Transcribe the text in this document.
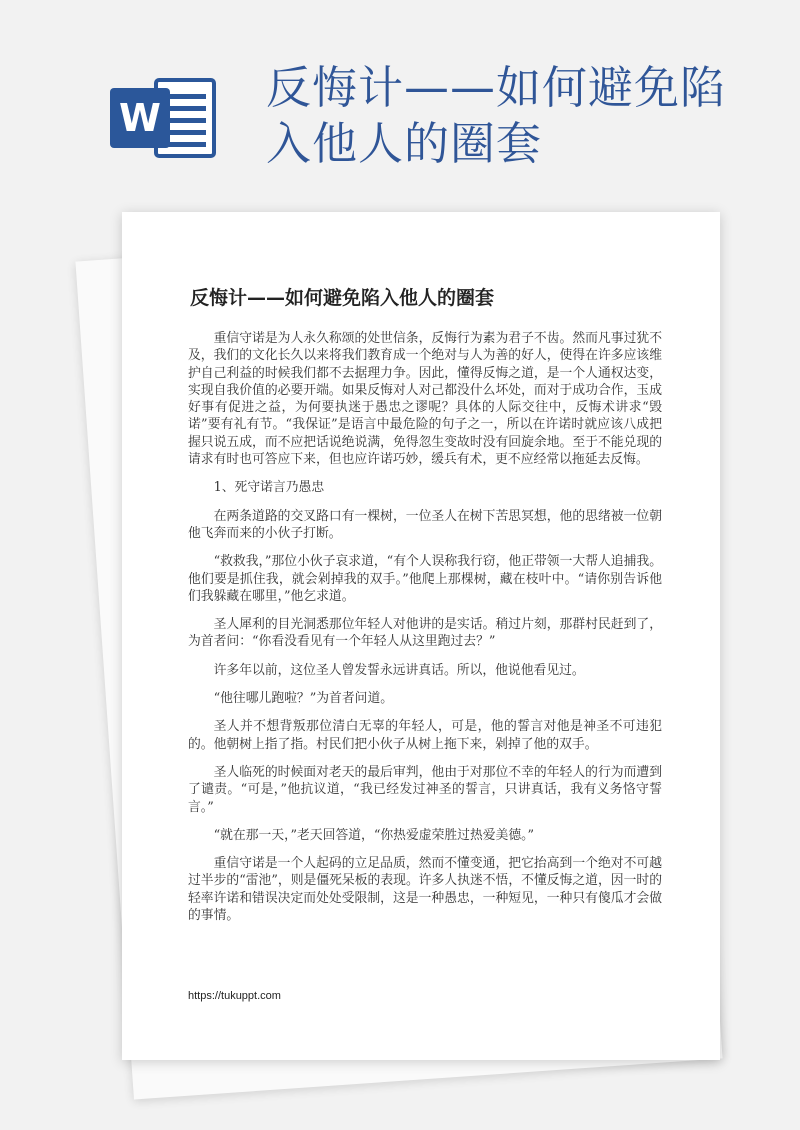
W
反悔计——如何避免陷
入他人的圈套
反悔计——如何避免陷入他人的圈套

重信守诺是为人永久称颂的处世信条，反悔行为素为君子不齿。然而凡事过犹不及，我们的文化长久以来将我们教育成一个绝对与人为善的好人，使得在许多应该维护自己利益的时候我们都不去据理力争。因此，懂得反悔之道，是一个人通权达变，实现自我价值的必要开端。如果反悔对人对己都没什么坏处，而对于成功合作，玉成好事有促进之益，为何要执迷于愚忠之谬呢？具体的人际交往中，反悔术讲求“毁诺”要有礼有节。“我保证”是语言中最危险的句子之一，所以在许诺时就应该八成把握只说五成，而不应把话说绝说满，免得忽生变故时没有回旋余地。至于不能兑现的请求有时也可答应下来，但也应许诺巧妙，缓兵有术，更不应经常以拖延去反悔。

1、死守诺言乃愚忠

在两条道路的交叉路口有一棵树，一位圣人在树下苦思冥想，他的思绪被一位朝他飞奔而来的小伙子打断。

“救救我，”那位小伙子哀求道，“有个人误称我行窃，他正带领一大帮人追捕我。他们要是抓住我，就会剁掉我的双手。”他爬上那棵树，藏在枝叶中。“请你别告诉他们我躲藏在哪里，”他乞求道。

圣人犀利的目光洞悉那位年轻人对他讲的是实话。稍过片刻，那群村民赶到了，为首者问：“你看没看见有一个年轻人从这里跑过去？”

许多年以前，这位圣人曾发誓永远讲真话。所以，他说他看见过。

“他往哪儿跑啦？”为首者问道。

圣人并不想背叛那位清白无辜的年轻人，可是，他的誓言对他是神圣不可违犯的。他朝树上指了指。村民们把小伙子从树上拖下来，剁掉了他的双手。

圣人临死的时候面对老天的最后审判，他由于对那位不幸的年轻人的行为而遭到了谴责。“可是，”他抗议道，“我已经发过神圣的誓言，只讲真话，我有义务恪守誓言。”

“就在那一天，”老天回答道，“你热爱虚荣胜过热爱美德。”

重信守诺是一个人起码的立足品质，然而不懂变通，把它抬高到一个绝对不可越过半步的“雷池”，则是僵死呆板的表现。许多人执迷不悟，不懂反悔之道，因一时的轻率许诺和错误决定而处处受限制，这是一种愚忠，一种短见，一种只有傻瓜才会做的事情。

https://tukuppt.com
